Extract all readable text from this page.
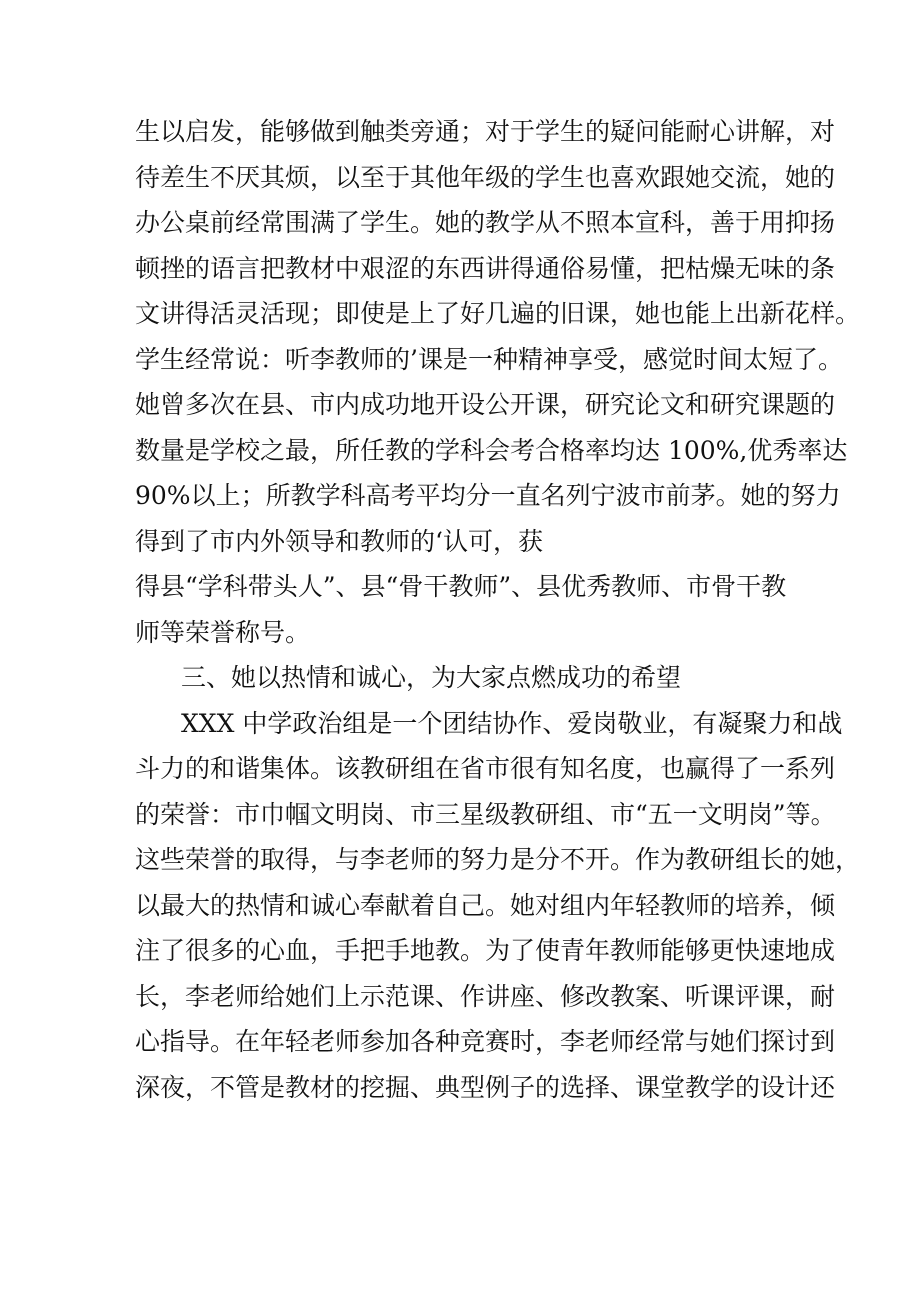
生以启发，能够做到触类旁通；对于学生的疑问能耐心讲解，对
待差生不厌其烦，以至于其他年级的学生也喜欢跟她交流，她的
办公桌前经常围满了学生。她的教学从不照本宣科，善于用抑扬
顿挫的语言把教材中艰涩的东西讲得通俗易懂，把枯燥无味的条
文讲得活灵活现；即使是上了好几遍的旧课，她也能上出新花样。
学生经常说：听李教师的’课是一种精神享受，感觉时间太短了。
她曾多次在县、市内成功地开设公开课，研究论文和研究课题的
数量是学校之最，所任教的学科会考合格率均达 100%,优秀率达
90%以上；所教学科高考平均分一直名列宁波市前茅。她的努力
得到了市内外领导和教师的‘认可，获
得县“学科带头人”、县“骨干教师”、县优秀教师、市骨干教
师等荣誉称号。
三、她以热情和诚心，为大家点燃成功的希望
XXX 中学政治组是一个团结协作、爱岗敬业，有凝聚力和战
斗力的和谐集体。该教研组在省市很有知名度，也赢得了一系列
的荣誉：市巾帼文明岗、市三星级教研组、市“五一文明岗”等。
这些荣誉的取得，与李老师的努力是分不开。作为教研组长的她，
以最大的热情和诚心奉献着自己。她对组内年轻教师的培养，倾
注了很多的心血，手把手地教。为了使青年教师能够更快速地成
长，李老师给她们上示范课、作讲座、修改教案、听课评课，耐
心指导。在年轻老师参加各种竞赛时，李老师经常与她们探讨到
深夜，不管是教材的挖掘、典型例子的选择、课堂教学的设计还
